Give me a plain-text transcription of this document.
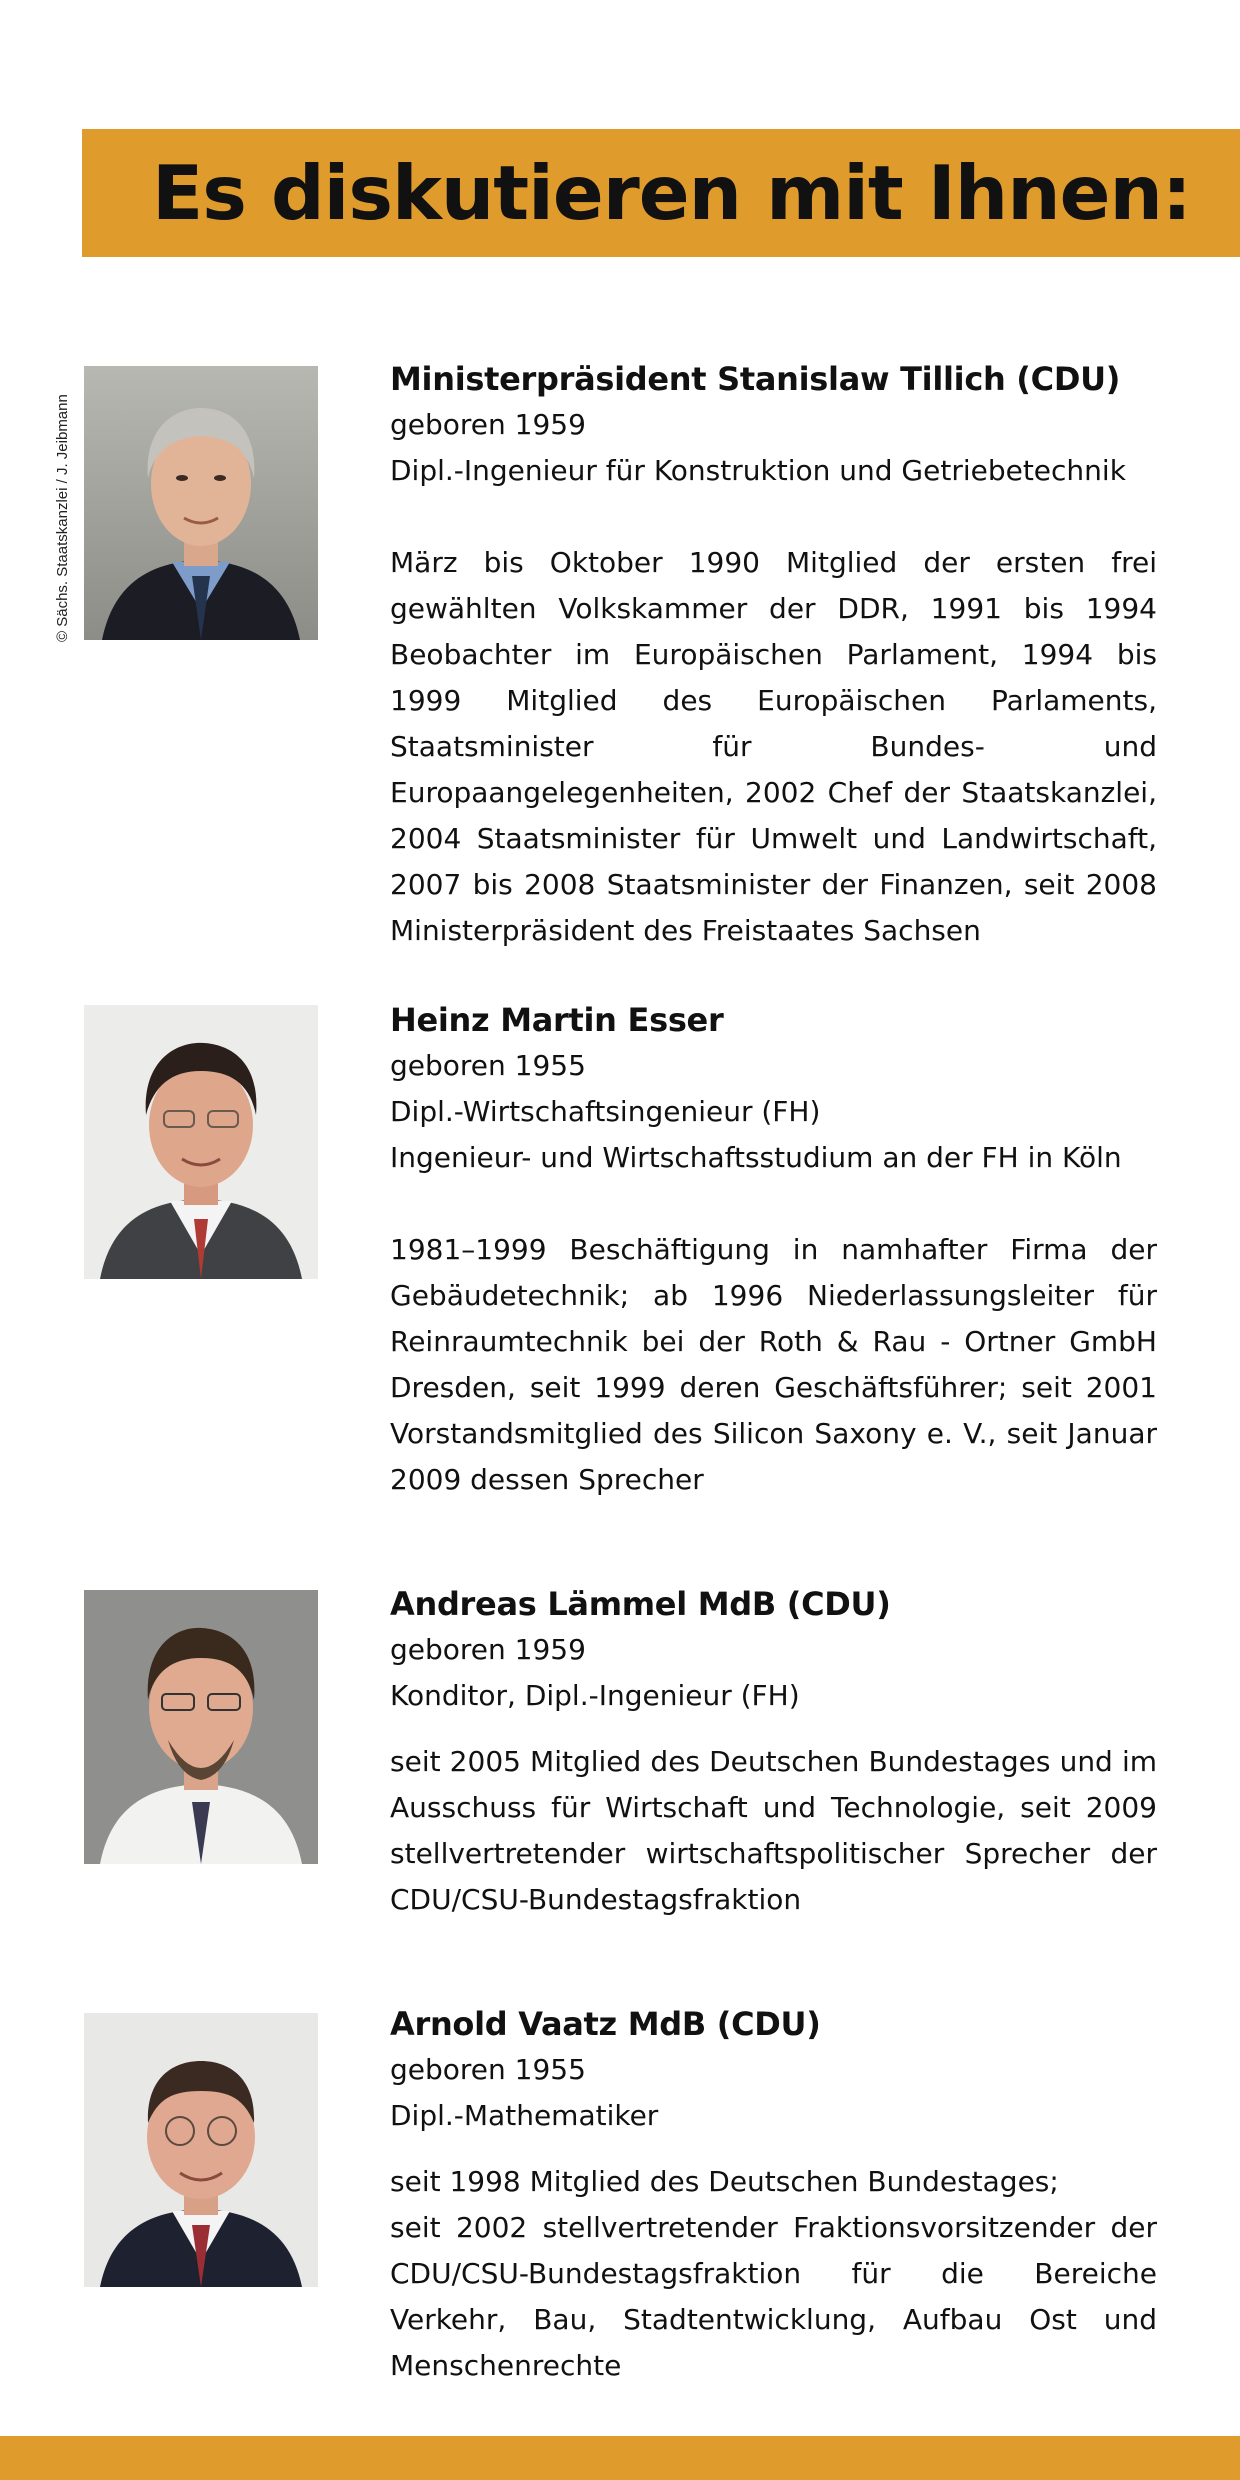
Es diskutieren mit Ihnen:
© Sächs. Staatskanzlei / J. Jeibmann
Ministerpräsident Stanislaw Tillich (CDU)
geboren 1959
Dipl.-Ingenieur für Konstruktion und Getriebetechnik

März bis Oktober 1990 Mitglied der ersten frei gewählten Volkskammer der DDR, 1991 bis 1994 Beobachter im Europäischen Parlament, 1994 bis 1999 Mitglied des Europäischen Parlaments, Staatsminister für Bundes- und Europaangelegenheiten, 2002 Chef der Staatskanzlei, 2004 Staatsminister für Umwelt und Landwirtschaft, 2007 bis 2008 Staatsminister der Finanzen, seit 2008 Ministerpräsident des Freistaates Sachsen

Heinz Martin Esser
geboren 1955
Dipl.-Wirtschaftsingenieur (FH)
Ingenieur- und Wirtschaftsstudium an der FH in Köln

1981–1999 Beschäftigung in namhafter Firma der Gebäudetechnik; ab 1996 Niederlassungsleiter für Reinraumtechnik bei der Roth & Rau - Ortner GmbH Dresden, seit 1999 deren Geschäftsführer; seit 2001 Vorstandsmitglied des Silicon Saxony e. V., seit Januar 2009 dessen Sprecher

Andreas Lämmel MdB (CDU)
geboren 1959
Konditor, Dipl.-Ingenieur (FH)

seit 2005 Mitglied des Deutschen Bundestages und im Ausschuss für Wirtschaft und Technologie, seit 2009 stellvertretender wirtschaftspolitischer Sprecher der CDU/CSU-Bundestagsfraktion

Arnold Vaatz MdB (CDU)
geboren 1955
Dipl.-Mathematiker
seit 1998 Mitglied des Deutschen Bundestages;

seit 2002 stellvertretender Fraktionsvorsitzender der CDU/CSU-Bundestagsfraktion für die Bereiche Verkehr, Bau, Stadtentwicklung, Aufbau Ost und Menschenrechte
